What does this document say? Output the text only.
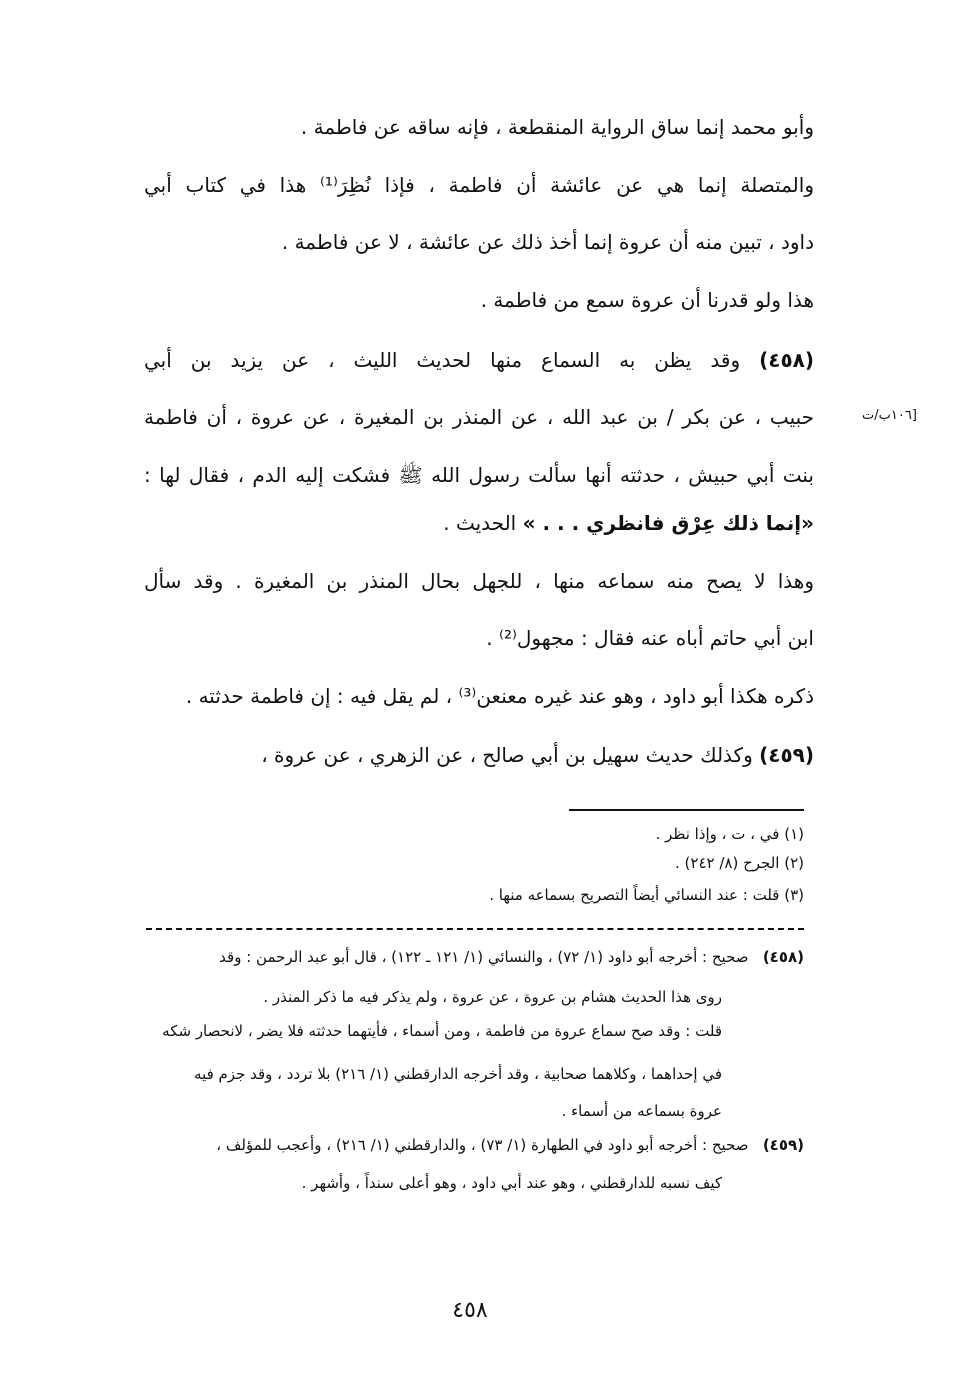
وأبو محمد إنما ساق الرواية المنقطعة ، فإنه ساقه عن فاطمة .
والمتصلة إنما هي عن عائشة أن فاطمة ، فإذا نُظِرَ⁽¹⁾ هذا في كتاب أبي
داود ، تبين منه أن عروة إنما أخذ ذلك عن عائشة ، لا عن فاطمة .
هذا ولو قدرنا أن عروة سمع من فاطمة .
(٤٥٨) وقد يظن به السماع منها لحديث الليث ، عن يزيد بن أبي
[١٠٦ب/ت
حبيب ، عن بكر / بن عبد الله ، عن المنذر بن المغيرة ، عن عروة ، أن فاطمة
بنت أبي حبيش ، حدثته أنها سألت رسول الله ﷺ فشكت إليه الدم ، فقال لها :
«إنما ذلك عِرْق فانظري . . . » الحديث .
وهذا لا يصح منه سماعه منها ، للجهل بحال المنذر بن المغيرة . وقد سأل
ابن أبي حاتم أباه عنه فقال : مجهول⁽²⁾ .
ذكره هكذا أبو داود ، وهو عند غيره معنعن⁽³⁾ ، لم يقل فيه : إن فاطمة حدثته .
(٤٥٩) وكذلك حديث سهيل بن أبي صالح ، عن الزهري ، عن عروة ،
(١) في ، ت ، وإذا نظر .
(٢) الجرح (٨/ ٢٤٢) .
(٣) قلت : عند النسائي أيضاً التصريح بسماعه منها .
(٤٥٨)   صحيح : أخرجه أبو داود (١/ ٧٢) ، والنسائي (١/ ١٢١ ـ ١٢٢) ، قال أبو عبد الرحمن : وقد
روى هذا الحديث هشام بن عروة ، عن عروة ، ولم يذكر فيه ما ذكر المنذر .
قلت : وقد صح سماع عروة من فاطمة ، ومن أسماء ، فأيتهما حدثته فلا يضر ، لانحصار شكه
في إحداهما ، وكلاهما صحابية ، وقد أخرجه الدارقطني (١/ ٢١٦) بلا تردد ، وقد جزم فيه
عروة بسماعه من أسماء .
(٤٥٩)   صحيح : أخرجه أبو داود في الطهارة (١/ ٧٣) ، والدارقطني (١/ ٢١٦) ، وأعجب للمؤلف ،
كيف نسبه للدارقطني ، وهو عند أبي داود ، وهو أعلى سنداً ، وأشهر .
٤٥٨
